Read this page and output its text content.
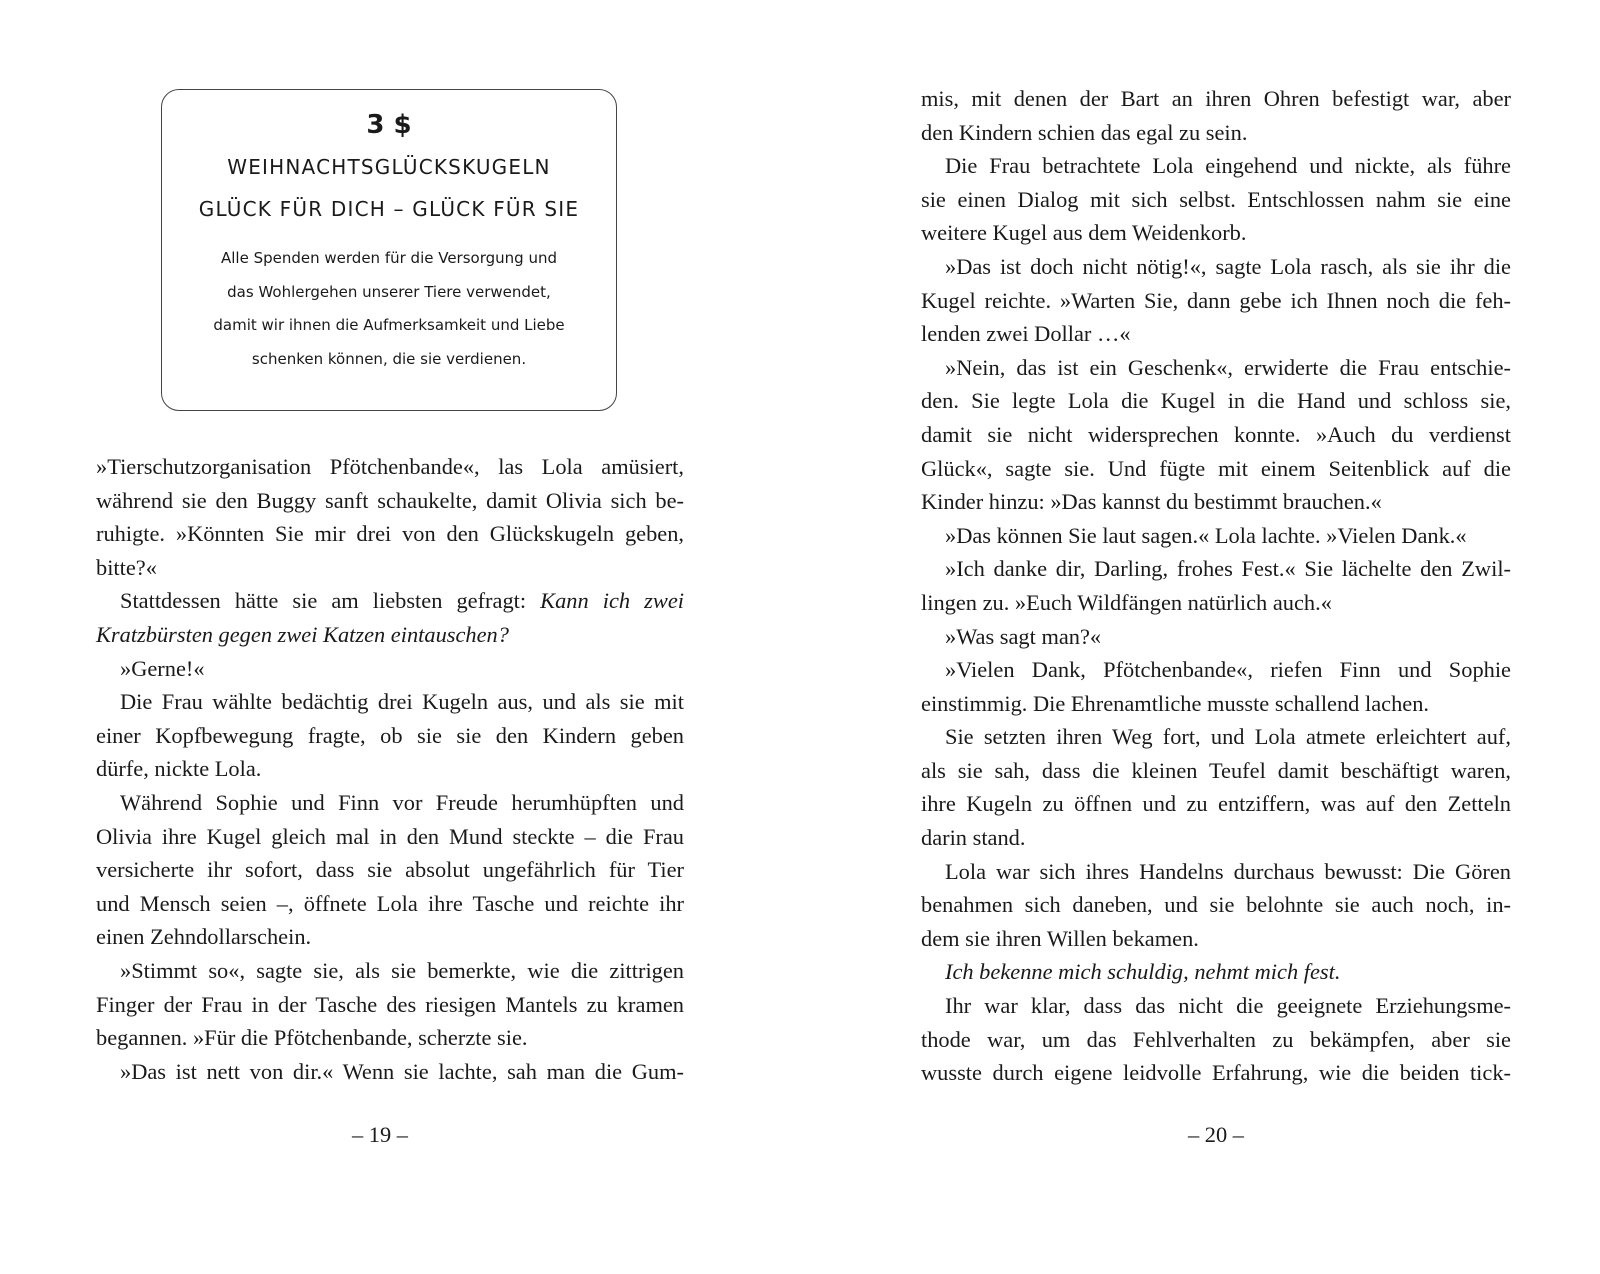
3 $
WEIHNACHTSGLÜCKSKUGELN
GLÜCK FÜR DICH – GLÜCK FÜR SIE
Alle Spenden werden für die Versorgung und
das Wohlergehen unserer Tiere verwendet,
damit wir ihnen die Aufmerksamkeit und Liebe
schenken können, die sie verdienen.
»Tierschutzorganisation Pfötchenbande«, las Lola amüsiert,
während sie den Buggy sanft schaukelte, damit Olivia sich be-
ruhigte. »Könnten Sie mir drei von den Glückskugeln geben,
bitte?«
Stattdessen hätte sie am liebsten gefragt: Kann ich zwei
Kratzbürsten gegen zwei Katzen eintauschen?
»Gerne!«
Die Frau wählte bedächtig drei Kugeln aus, und als sie mit
einer Kopfbewegung fragte, ob sie sie den Kindern geben
dürfe, nickte Lola.
Während Sophie und Finn vor Freude herumhüpften und
Olivia ihre Kugel gleich mal in den Mund steckte – die Frau
versicherte ihr sofort, dass sie absolut ungefährlich für Tier
und Mensch seien –, öffnete Lola ihre Tasche und reichte ihr
einen Zehndollarschein.
»Stimmt so«, sagte sie, als sie bemerkte, wie die zittrigen
Finger der Frau in der Tasche des riesigen Mantels zu kramen
begannen. »Für die Pfötchenbande, scherzte sie.
»Das ist nett von dir.« Wenn sie lachte, sah man die Gum-
– 19 –
mis, mit denen der Bart an ihren Ohren befestigt war, aber
den Kindern schien das egal zu sein.
Die Frau betrachtete Lola eingehend und nickte, als führe
sie einen Dialog mit sich selbst. Entschlossen nahm sie eine
weitere Kugel aus dem Weidenkorb.
»Das ist doch nicht nötig!«, sagte Lola rasch, als sie ihr die
Kugel reichte. »Warten Sie, dann gebe ich Ihnen noch die feh-
lenden zwei Dollar …«
»Nein, das ist ein Geschenk«, erwiderte die Frau entschie-
den. Sie legte Lola die Kugel in die Hand und schloss sie,
damit sie nicht widersprechen konnte. »Auch du verdienst
Glück«, sagte sie. Und fügte mit einem Seitenblick auf die
Kinder hinzu: »Das kannst du bestimmt brauchen.«
»Das können Sie laut sagen.« Lola lachte. »Vielen Dank.«
»Ich danke dir, Darling, frohes Fest.« Sie lächelte den Zwil-
lingen zu. »Euch Wildfängen natürlich auch.«
»Was sagt man?«
»Vielen Dank, Pfötchenbande«, riefen Finn und Sophie
einstimmig. Die Ehrenamtliche musste schallend lachen.
Sie setzten ihren Weg fort, und Lola atmete erleichtert auf,
als sie sah, dass die kleinen Teufel damit beschäftigt waren,
ihre Kugeln zu öffnen und zu entziffern, was auf den Zetteln
darin stand.
Lola war sich ihres Handelns durchaus bewusst: Die Gören
benahmen sich daneben, und sie belohnte sie auch noch, in-
dem sie ihren Willen bekamen.
Ich bekenne mich schuldig, nehmt mich fest.
Ihr war klar, dass das nicht die geeignete Erziehungsme-
thode war, um das Fehlverhalten zu bekämpfen, aber sie
wusste durch eigene leidvolle Erfahrung, wie die beiden tick-
– 20 –
